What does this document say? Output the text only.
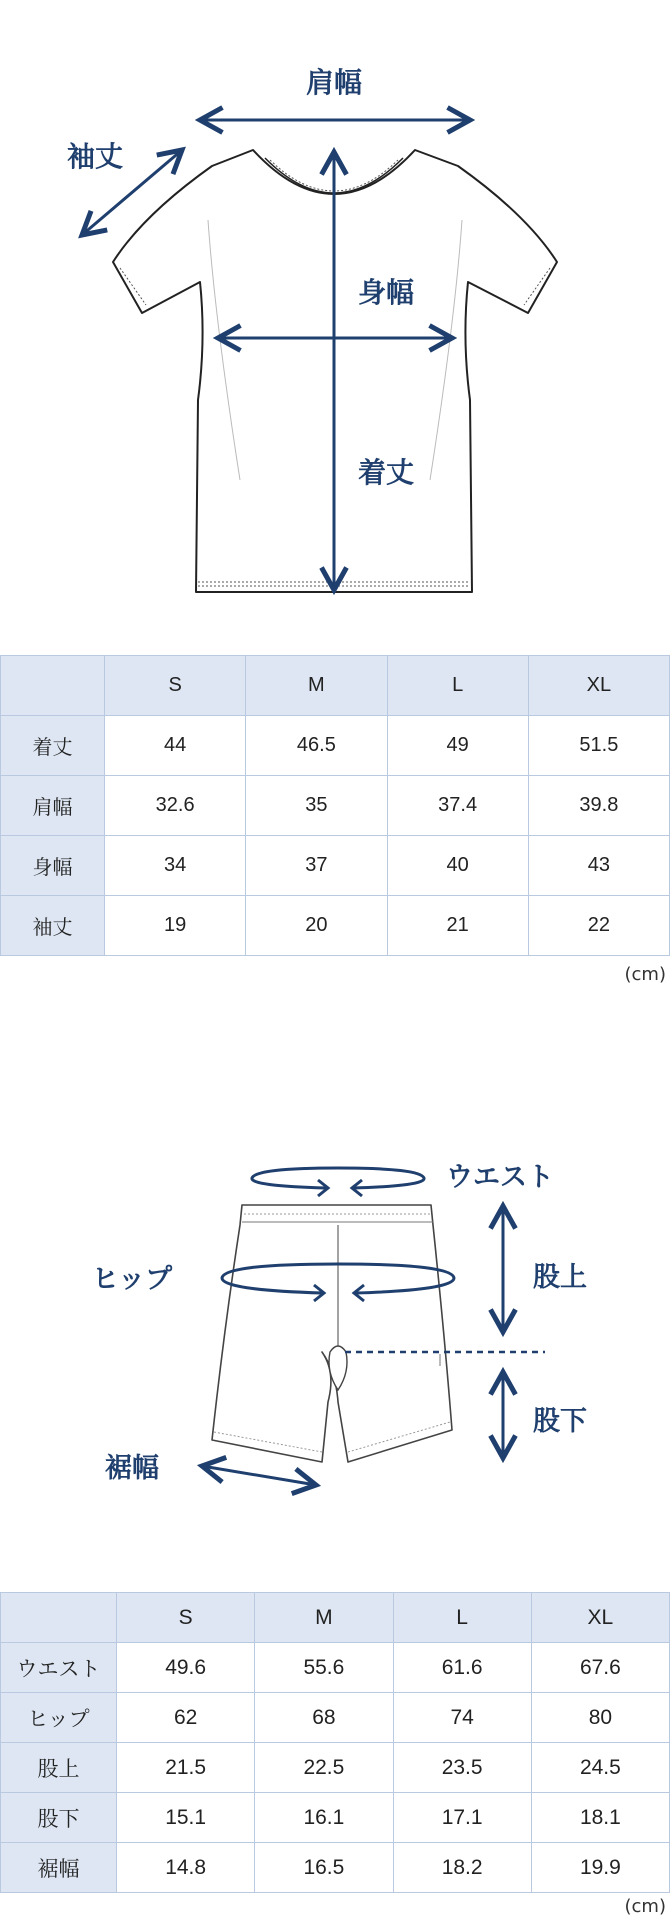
肩幅
袖丈
身幅
着丈
	S	M	L	XL
着丈	44	46.5	49	51.5
肩幅	32.6	35	37.4	39.8
身幅	34	37	40	43
袖丈	19	20	21	22
(cm)
ウエスト
ヒップ	股上
股下
裾幅
	S	M	L	XL
ウエスト	49.6	55.6	61.6	67.6
ヒップ	62	68	74	80
股上	21.5	22.5	23.5	24.5
股下	15.1	16.1	17.1	18.1
裾幅	14.8	16.5	18.2	19.9
(cm)
